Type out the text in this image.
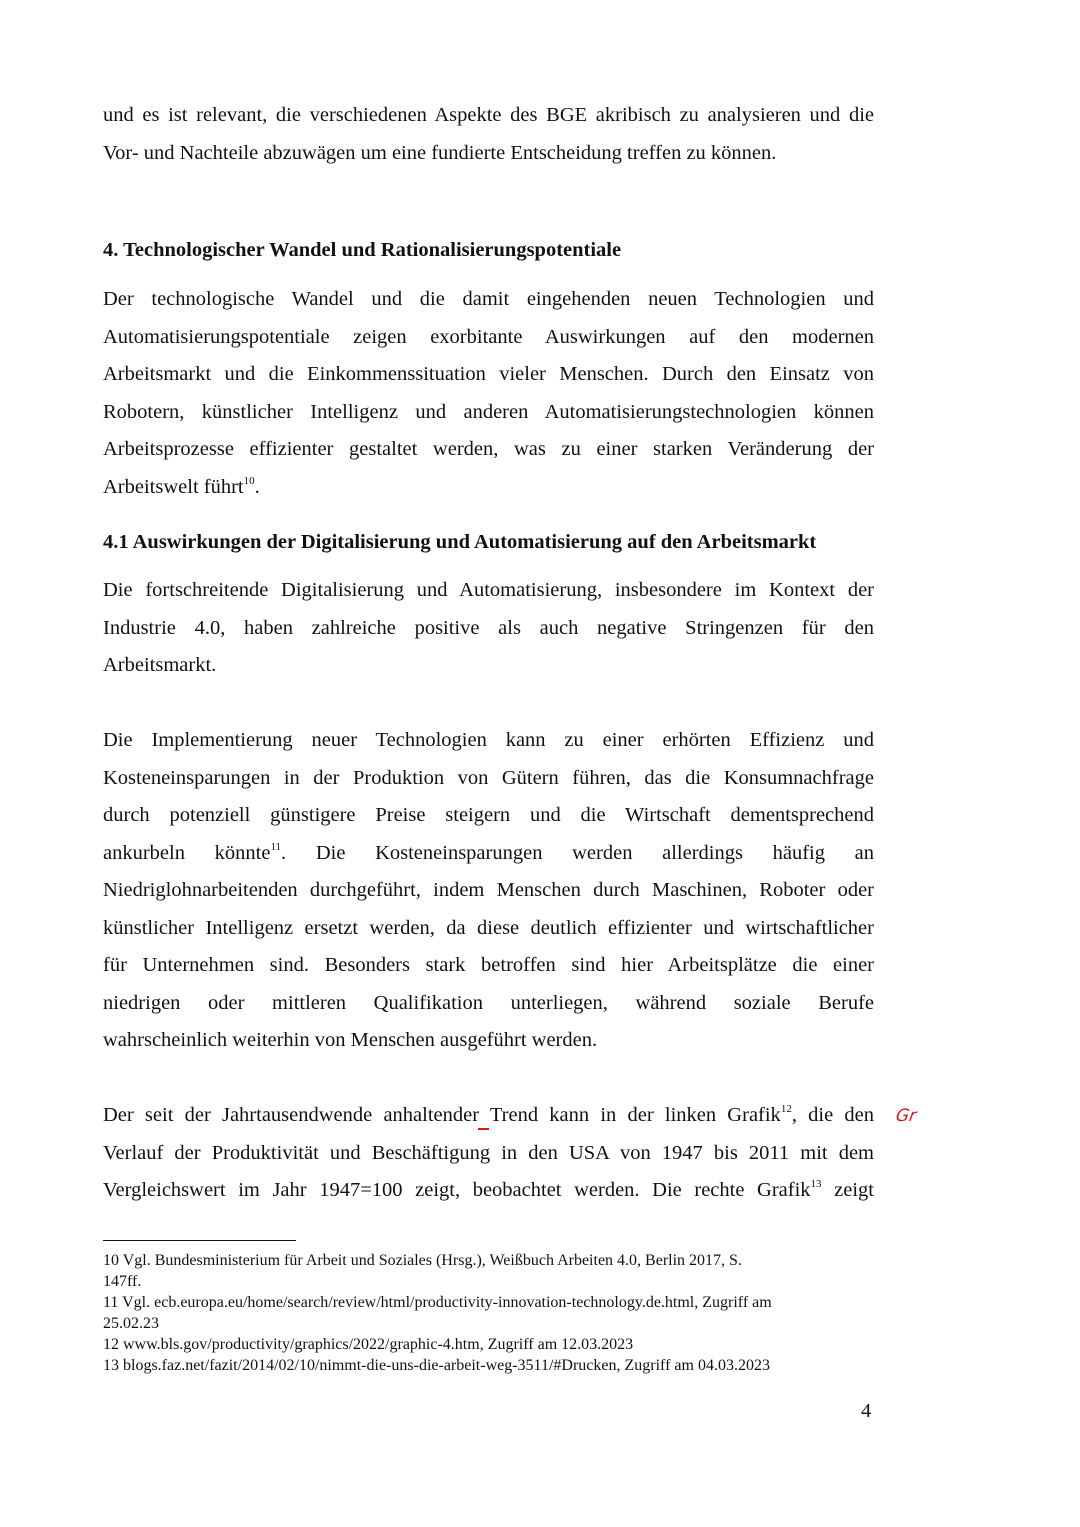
und es ist relevant, die verschiedenen Aspekte des BGE akribisch zu analysieren und die
Vor- und Nachteile abzuwägen um eine fundierte Entscheidung treffen zu können.

4. Technologischer Wandel und Rationalisierungspotentiale

Der technologische Wandel und die damit eingehenden neuen Technologien und
Automatisierungspotentiale zeigen exorbitante Auswirkungen auf den modernen
Arbeitsmarkt und die Einkommenssituation vieler Menschen. Durch den Einsatz von
Robotern, künstlicher Intelligenz und anderen Automatisierungstechnologien können
Arbeitsprozesse effizienter gestaltet werden, was zu einer starken Veränderung der
Arbeitswelt führt$^{10}$.

4.1 Auswirkungen der Digitalisierung und Automatisierung auf den Arbeitsmarkt

Die fortschreitende Digitalisierung und Automatisierung, insbesondere im Kontext der
Industrie 4.0, haben zahlreiche positive als auch negative Stringenzen für den
Arbeitsmarkt.

Die Implementierung neuer Technologien kann zu einer erhörten Effizienz und
Kosteneinsparungen in der Produktion von Gütern führen, das die Konsumnachfrage
durch potenziell günstigere Preise steigern und die Wirtschaft dementsprechend
ankurbeln könnte$^{11}$. Die Kosteneinsparungen werden allerdings häufig an
Niedriglohnarbeitenden durchgeführt, indem Menschen durch Maschinen, Roboter oder
künstlicher Intelligenz ersetzt werden, da diese deutlich effizienter und wirtschaftlicher
für Unternehmen sind. Besonders stark betroffen sind hier Arbeitsplätze die einer
niedrigen oder mittleren Qualifikation unterliegen, während soziale Berufe
wahrscheinlich weiterhin von Menschen ausgeführt werden.

Der seit der Jahrtausendwende anhaltender Trend kann in der linken Grafik$^{12}$, die den
Verlauf der Produktivität und Beschäftigung in den USA von 1947 bis 2011 mit dem
Vergleichswert im Jahr 1947=100 zeigt, beobachtet werden. Die rechte Grafik$^{13}$ zeigt

Gr
10 Vgl. Bundesministerium für Arbeit und Soziales (Hrsg.), Weißbuch Arbeiten 4.0, Berlin 2017, S.
147ff.
11 Vgl. ecb.europa.eu/home/search/review/html/productivity-innovation-technology.de.html, Zugriff am
25.02.23
12 www.bls.gov/productivity/graphics/2022/graphic-4.htm, Zugriff am 12.03.2023
13 blogs.faz.net/fazit/2014/02/10/nimmt-die-uns-die-arbeit-weg-3511/#Drucken, Zugriff am 04.03.2023
4
